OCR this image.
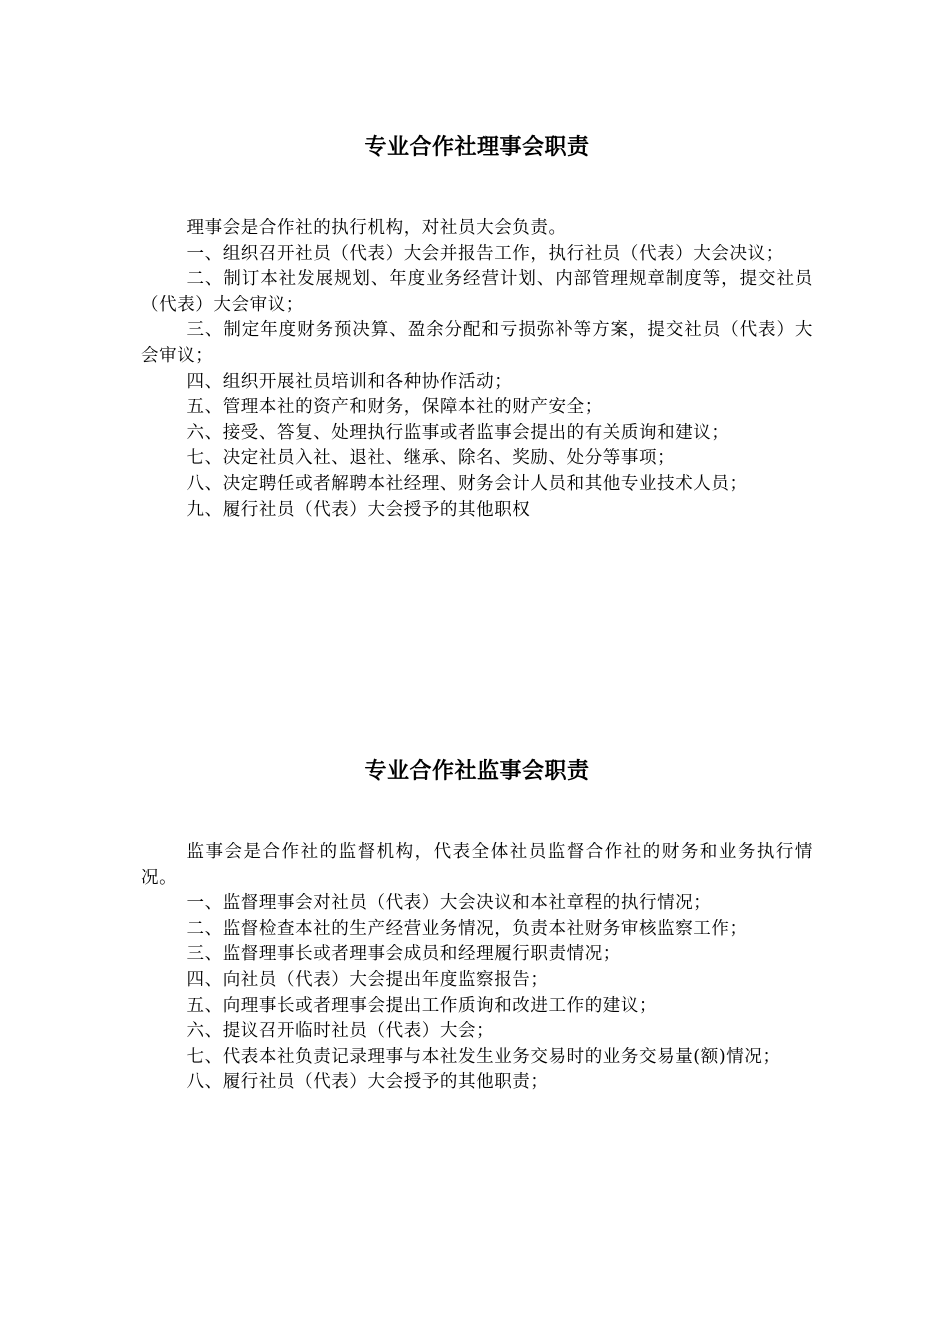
专业合作社理事会职责

理事会是合作社的执行机构，对社员大会负责。

一、组织召开社员（代表）大会并报告工作，执行社员（代表）大会决议；

二、制订本社发展规划、年度业务经营计划、内部管理规章制度等，提交社员（代表）大会审议；

三、制定年度财务预决算、盈余分配和亏损弥补等方案，提交社员（代表）大会审议；

四、组织开展社员培训和各种协作活动；

五、管理本社的资产和财务，保障本社的财产安全；

六、接受、答复、处理执行监事或者监事会提出的有关质询和建议；

七、决定社员入社、退社、继承、除名、奖励、处分等事项；

八、决定聘任或者解聘本社经理、财务会计人员和其他专业技术人员；

九、履行社员（代表）大会授予的其他职权

专业合作社监事会职责

监事会是合作社的监督机构，代表全体社员监督合作社的财务和业务执行情况。

一、监督理事会对社员（代表）大会决议和本社章程的执行情况；

二、监督检查本社的生产经营业务情况，负责本社财务审核监察工作；

三、监督理事长或者理事会成员和经理履行职责情况；

四、向社员（代表）大会提出年度监察报告；

五、向理事长或者理事会提出工作质询和改进工作的建议；

六、提议召开临时社员（代表）大会；

七、代表本社负责记录理事与本社发生业务交易时的业务交易量(额)情况；

八、履行社员（代表）大会授予的其他职责；
